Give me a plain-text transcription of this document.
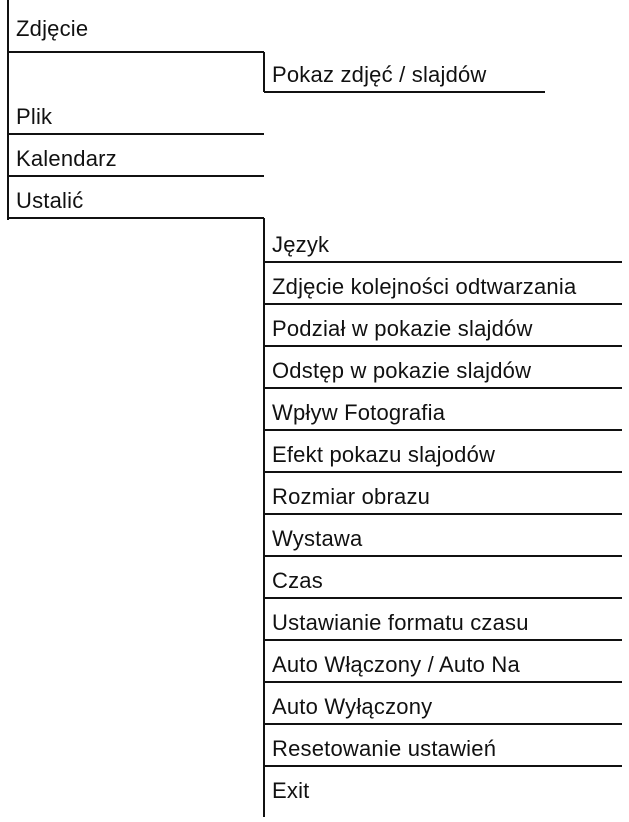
Zdjęcie
Plik
Kalendarz
Ustalić
Pokaz zdjęć / slajdów
Język
Zdjęcie kolejności odtwarzania
Podział w pokazie slajdów
Odstęp w pokazie slajdów
Wpływ Fotografia
Efekt pokazu slajodów
Rozmiar obrazu
Wystawa
Czas
Ustawianie formatu czasu
Auto Włączony / Auto Na
Auto Wyłączony
Resetowanie ustawień
Exit
